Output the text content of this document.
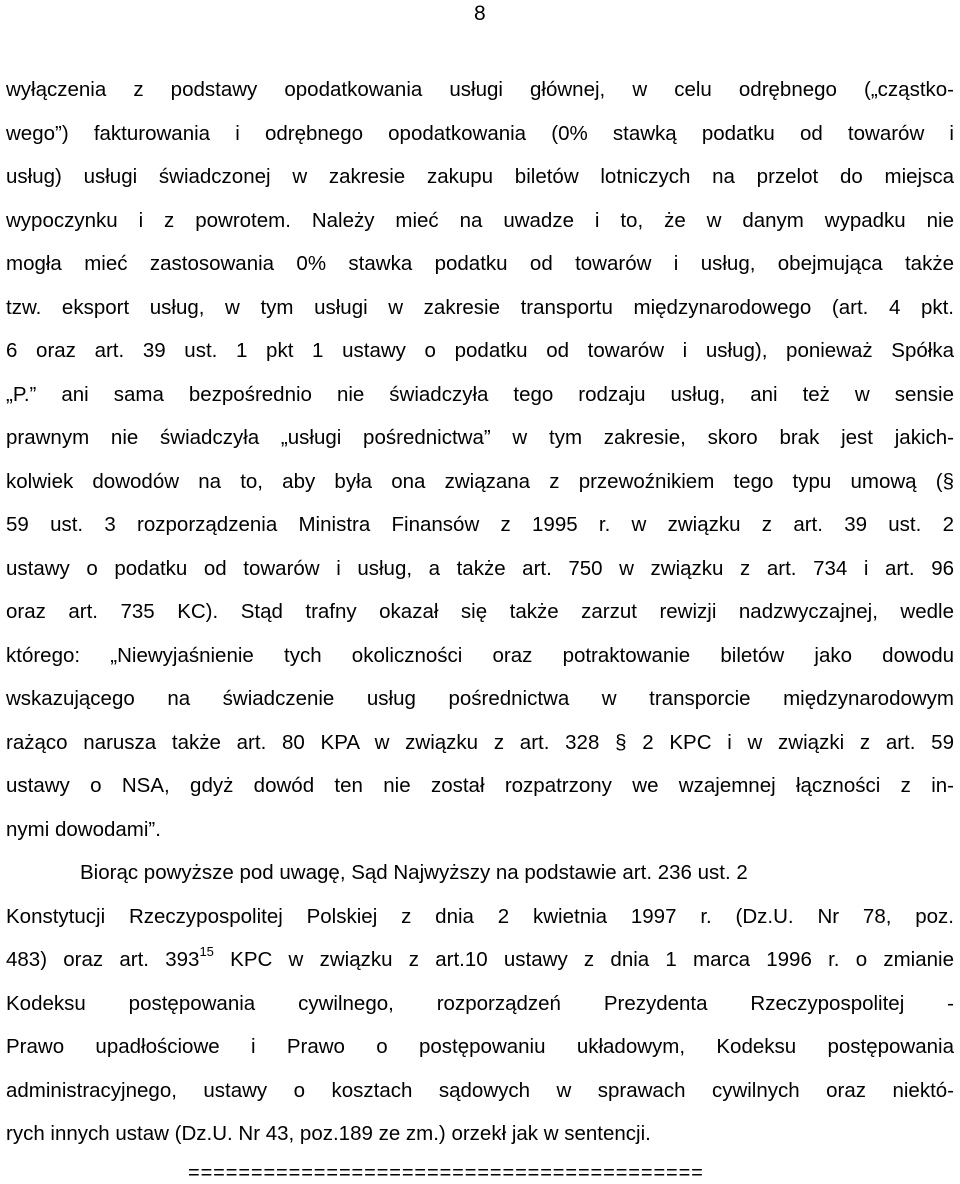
8
wyłączenia z podstawy opodatkowania usługi głównej, w celu odrębnego („cząstko-
wego”) fakturowania i odrębnego opodatkowania (0% stawką podatku od towarów i
usług) usługi świadczonej w zakresie zakupu biletów lotniczych na przelot do miejsca
wypoczynku i z powrotem. Należy mieć na uwadze i to, że w danym wypadku nie
mogła mieć zastosowania 0% stawka podatku od towarów i usług, obejmująca także
tzw. eksport usług, w tym usługi w zakresie transportu międzynarodowego (art. 4 pkt.
6 oraz art. 39 ust. 1 pkt 1 ustawy o podatku od towarów i usług), ponieważ Spółka
„P.” ani sama bezpośrednio nie świadczyła tego rodzaju usług, ani też w sensie
prawnym nie świadczyła „usługi pośrednictwa” w tym zakresie, skoro brak jest jakich-
kolwiek dowodów na to, aby była ona związana z przewoźnikiem tego typu umową (§
59 ust. 3 rozporządzenia Ministra Finansów z 1995 r. w związku z art. 39 ust. 2
ustawy o podatku od towarów i usług, a także art. 750 w związku z art. 734 i art. 96
oraz art. 735 KC). Stąd trafny okazał się także zarzut rewizji nadzwyczajnej, wedle
którego: „Niewyjaśnienie tych okoliczności oraz potraktowanie biletów jako dowodu
wskazującego na świadczenie usług pośrednictwa w transporcie międzynarodowym
rażąco narusza także art. 80 KPA w związku z art. 328 § 2 KPC i w związki z art. 59
ustawy o NSA, gdyż dowód ten nie został rozpatrzony we wzajemnej łączności z in-
nymi dowodami”.
Biorąc powyższe pod uwagę, Sąd Najwyższy na podstawie art. 236 ust. 2
Konstytucji Rzeczypospolitej Polskiej z dnia 2 kwietnia 1997 r. (Dz.U. Nr 78, poz.
483) oraz art. $393^{15}$ KPC w związku z art.10 ustawy z dnia 1 marca 1996 r. o zmianie
Kodeksu postępowania cywilnego, rozporządzeń Prezydenta Rzeczypospolitej -
Prawo upadłościowe i Prawo o postępowaniu układowym, Kodeksu postępowania
administracyjnego, ustawy o kosztach sądowych w sprawach cywilnych oraz niektó-
rych innych ustaw (Dz.U. Nr 43, poz.189 ze zm.) orzekł jak w sentencji.
=========================================
